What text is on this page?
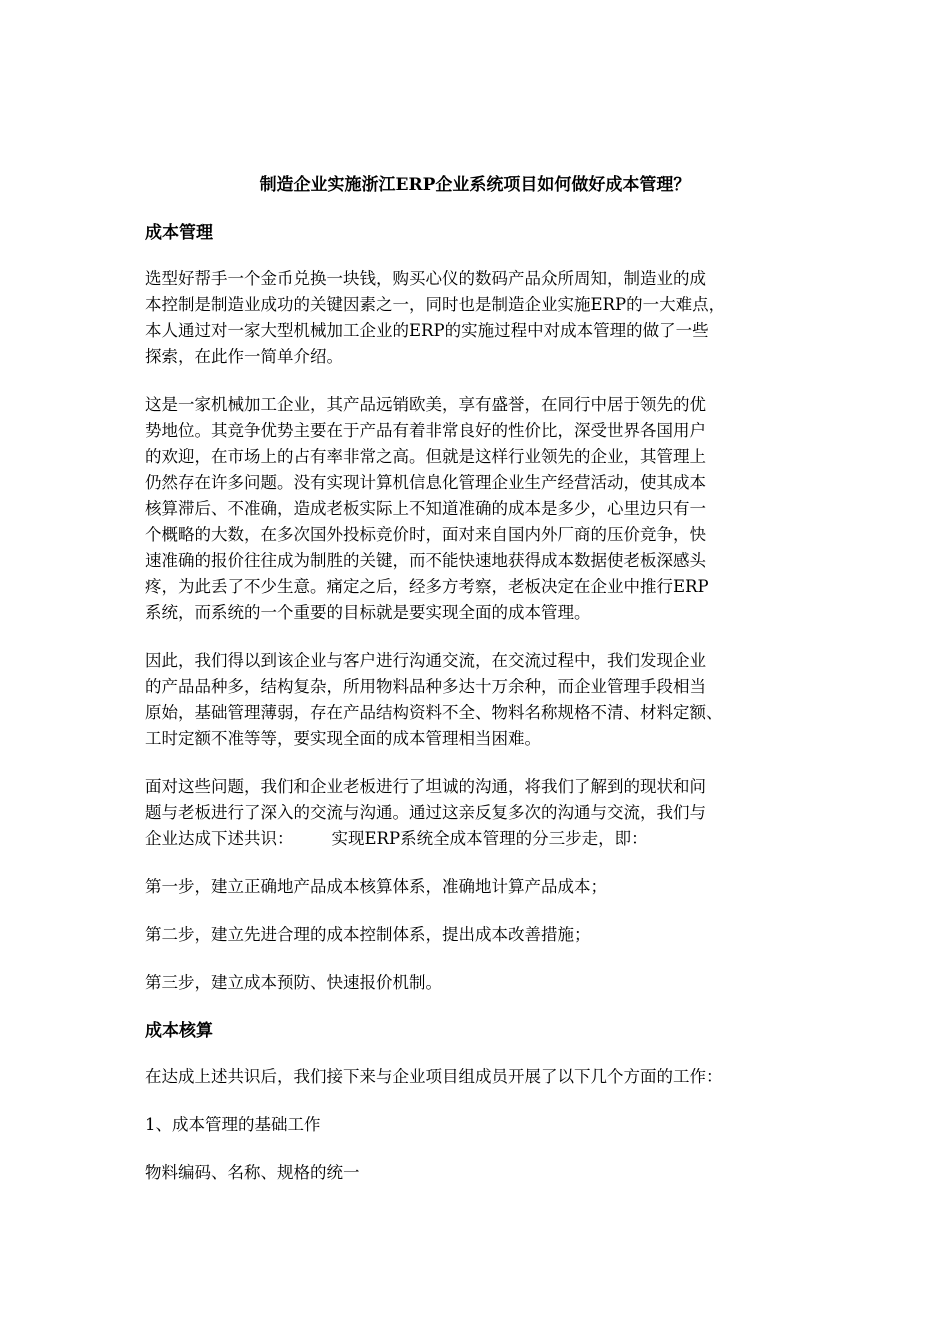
制造企业实施浙江ERP企业系统项目如何做好成本管理？
成本管理
选型好帮手一个金币兑换一块钱，购买心仪的数码产品众所周知，制造业的成
本控制是制造业成功的关键因素之一，同时也是制造企业实施ERP的一大难点，
本人通过对一家大型机械加工企业的ERP的实施过程中对成本管理的做了一些
探索，在此作一简单介绍。
这是一家机械加工企业，其产品远销欧美，享有盛誉，在同行中居于领先的优
势地位。其竞争优势主要在于产品有着非常良好的性价比，深受世界各国用户
的欢迎，在市场上的占有率非常之高。但就是这样行业领先的企业，其管理上
仍然存在许多问题。没有实现计算机信息化管理企业生产经营活动，使其成本
核算滞后、不准确，造成老板实际上不知道准确的成本是多少，心里边只有一
个概略的大数，在多次国外投标竞价时，面对来自国内外厂商的压价竞争，快
速准确的报价往往成为制胜的关键，而不能快速地获得成本数据使老板深感头
疼，为此丢了不少生意。痛定之后，经多方考察，老板决定在企业中推行ERP
系统，而系统的一个重要的目标就是要实现全面的成本管理。
因此，我们得以到该企业与客户进行沟通交流，在交流过程中，我们发现企业
的产品品种多，结构复杂，所用物料品种多达十万余种，而企业管理手段相当
原始，基础管理薄弱，存在产品结构资料不全、物料名称规格不清、材料定额、
工时定额不准等等，要实现全面的成本管理相当困难。
面对这些问题，我们和企业老板进行了坦诚的沟通，将我们了解到的现状和问
题与老板进行了深入的交流与沟通。通过这亲反复多次的沟通与交流，我们与
企业达成下述共识： 实现ERP系统全成本管理的分三步走，即：
第一步，建立正确地产品成本核算体系，准确地计算产品成本；
第二步，建立先进合理的成本控制体系，提出成本改善措施；
第三步，建立成本预防、快速报价机制。
成本核算
在达成上述共识后，我们接下来与企业项目组成员开展了以下几个方面的工作：
1、成本管理的基础工作
物料编码、名称、规格的统一
